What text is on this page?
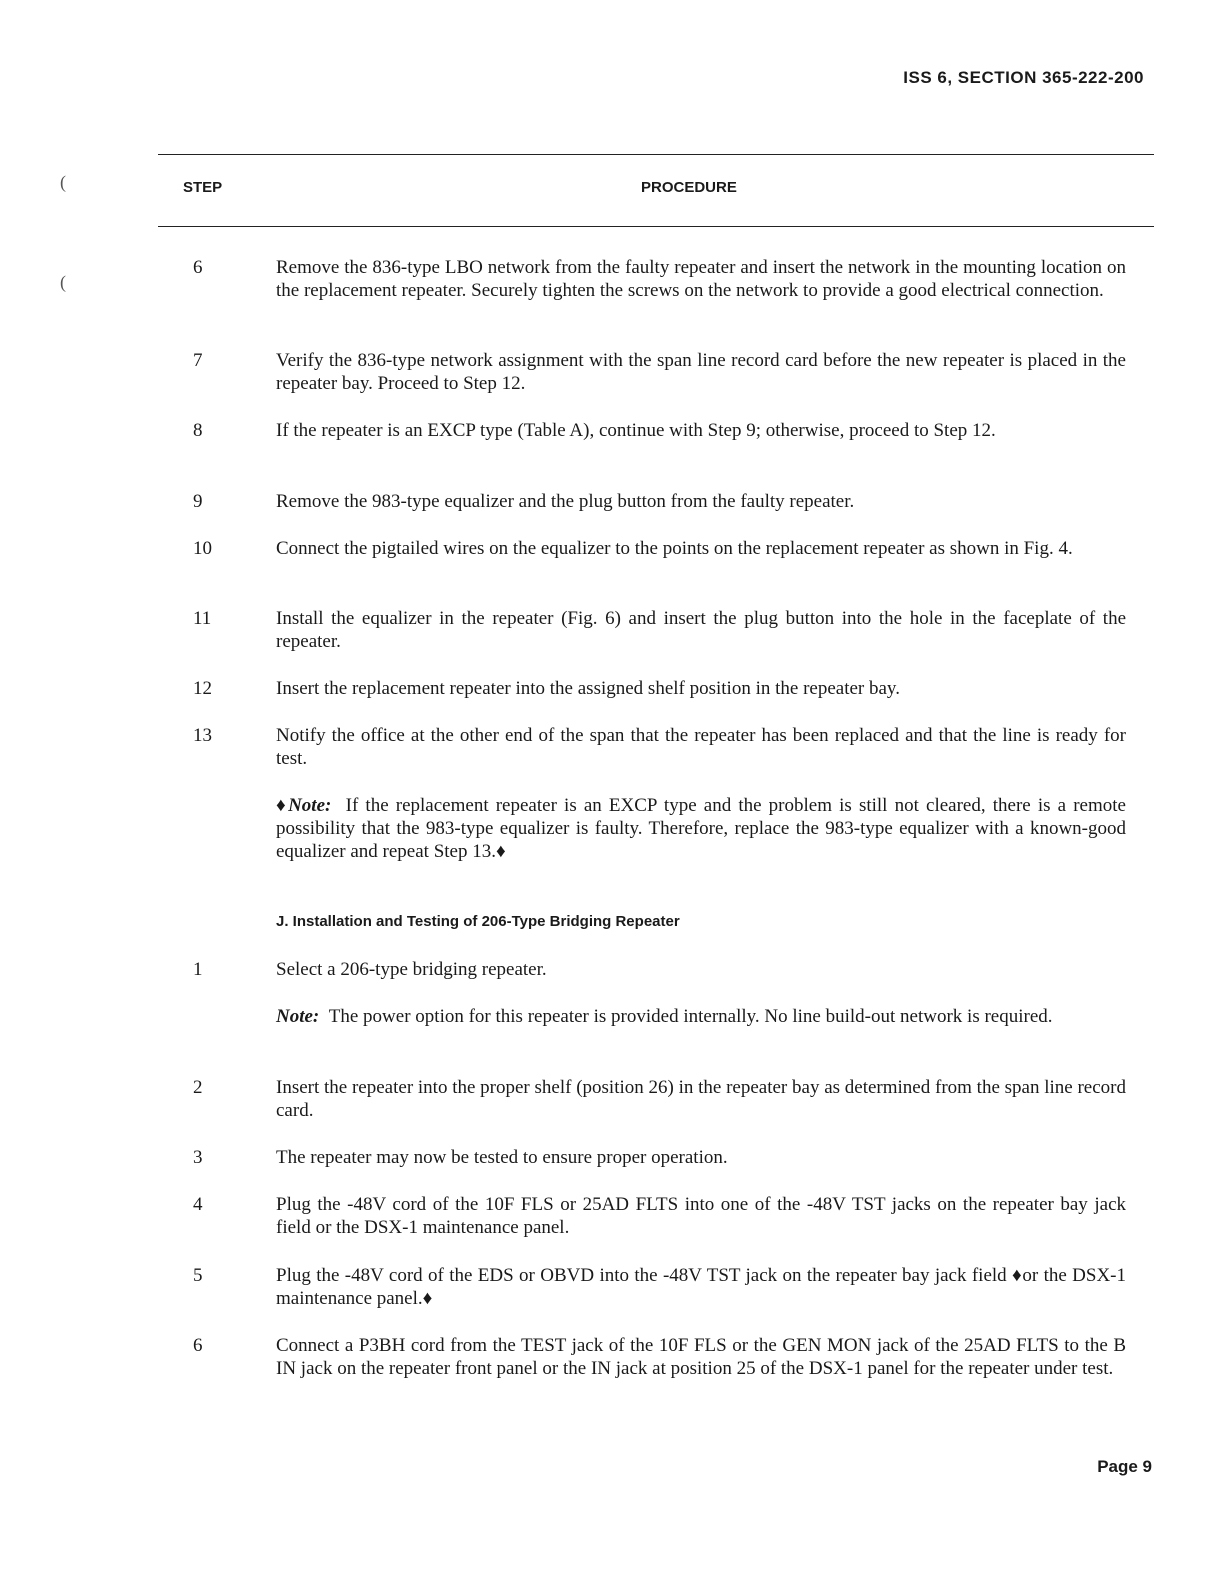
ISS 6, SECTION 365-222-200
(
(
STEP	PROCEDURE
6	Remove the 836-type LBO network from the faulty repeater and insert the network in the mounting location on the replacement repeater. Securely tighten the screws on the network to provide a good electrical connection.
7	Verify the 836-type network assignment with the span line record card before the new repeater is placed in the repeater bay. Proceed to Step 12.
8	If the repeater is an EXCP type (Table A), continue with Step 9; otherwise, proceed to Step 12.
9	Remove the 983-type equalizer and the plug button from the faulty repeater.
10	Connect the pigtailed wires on the equalizer to the points on the replacement repeater as shown in Fig. 4.
11	Install the equalizer in the repeater (Fig. 6) and insert the plug button into the hole in the faceplate of the repeater.
12	Insert the replacement repeater into the assigned shelf position in the repeater bay.
13	Notify the office at the other end of the span that the repeater has been replaced and that the line is ready for test.
♦Note: If the replacement repeater is an EXCP type and the problem is still not cleared, there is a remote possibility that the 983-type equalizer is faulty. Therefore, replace the 983-type equalizer with a known-good equalizer and repeat Step 13.♦
J. Installation and Testing of 206-Type Bridging Repeater
1	Select a 206-type bridging repeater.
Note: The power option for this repeater is provided internally. No line build-out network is required.
2	Insert the repeater into the proper shelf (position 26) in the repeater bay as determined from the span line record card.
3	The repeater may now be tested to ensure proper operation.
4	Plug the -48V cord of the 10F FLS or 25AD FLTS into one of the -48V TST jacks on the repeater bay jack field or the DSX-1 maintenance panel.
5	Plug the -48V cord of the EDS or OBVD into the -48V TST jack on the repeater bay jack field ♦or the DSX-1 maintenance panel.♦
6	Connect a P3BH cord from the TEST jack of the 10F FLS or the GEN MON jack of the 25AD FLTS to the B IN jack on the repeater front panel or the IN jack at position 25 of the DSX-1 panel for the repeater under test.
Page 9
